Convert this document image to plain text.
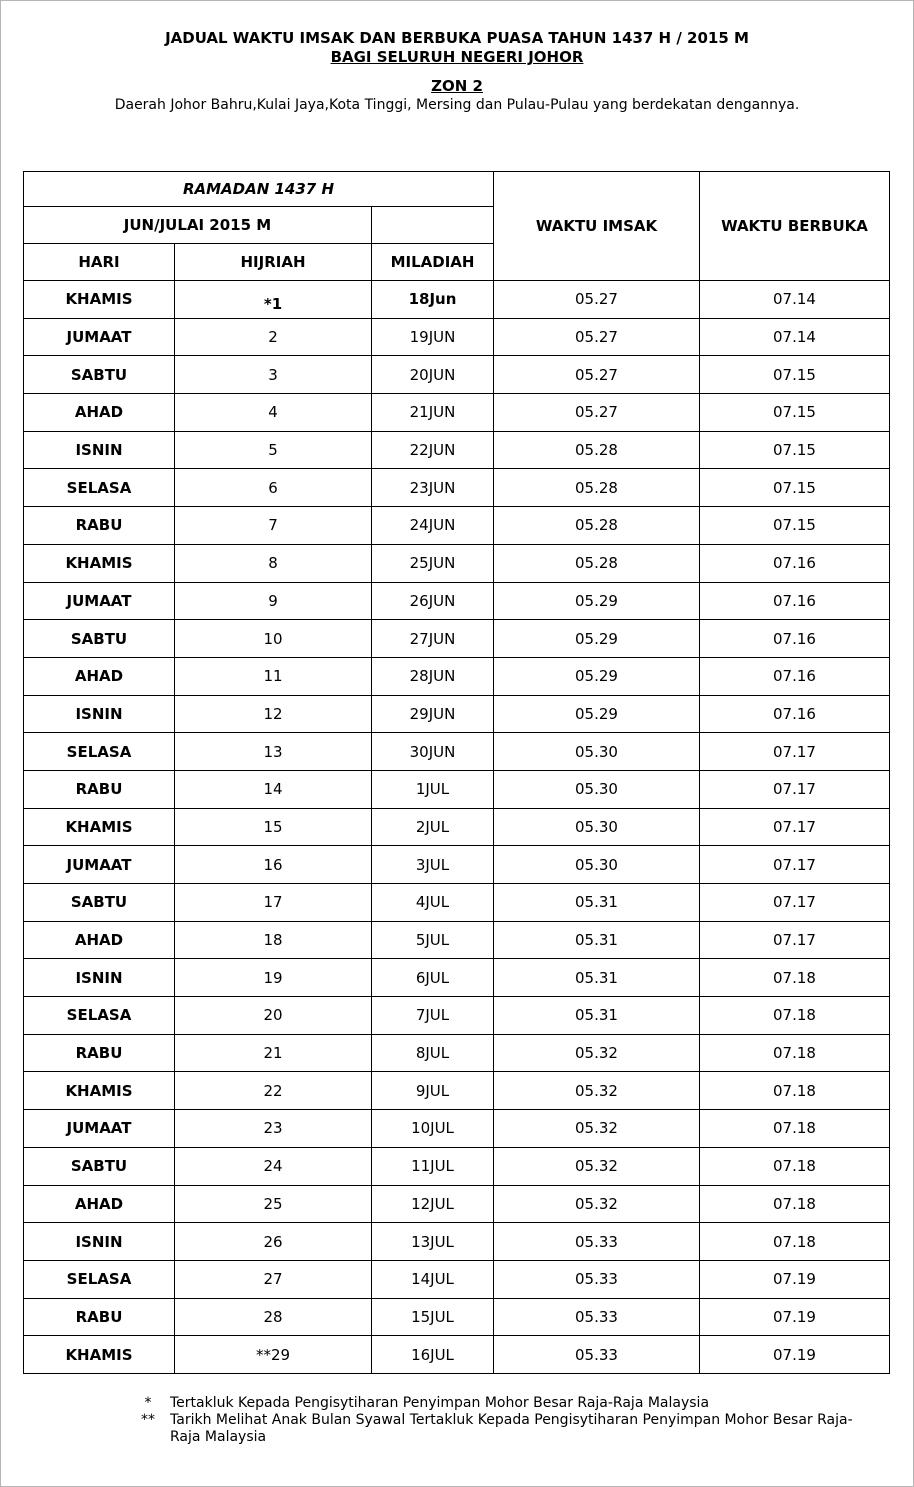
JADUAL WAKTU IMSAK DAN BERBUKA PUASA TAHUN 1437 H / 2015 M

BAGI SELURUH NEGERI JOHOR

ZON 2

Daerah Johor Bahru,Kulai Jaya,Kota Tinggi, Mersing dan Pulau-Pulau yang berdekatan dengannya.

RAMADAN 1437 H			WAKTU IMSAK	WAKTU BERBUKA
JUN/JULAI 2015 M				
HARI	HIJRIAH	MILADIAH		
KHAMIS	*1	18Jun	05.27	07.14
JUMAAT	2	19JUN	05.27	07.14
SABTU	3	20JUN	05.27	07.15
AHAD	4	21JUN	05.27	07.15
ISNIN	5	22JUN	05.28	07.15
SELASA	6	23JUN	05.28	07.15
RABU	7	24JUN	05.28	07.15
KHAMIS	8	25JUN	05.28	07.16
JUMAAT	9	26JUN	05.29	07.16
SABTU	10	27JUN	05.29	07.16
AHAD	11	28JUN	05.29	07.16
ISNIN	12	29JUN	05.29	07.16
SELASA	13	30JUN	05.30	07.17
RABU	14	1JUL	05.30	07.17
KHAMIS	15	2JUL	05.30	07.17
JUMAAT	16	3JUL	05.30	07.17
SABTU	17	4JUL	05.31	07.17
AHAD	18	5JUL	05.31	07.17
ISNIN	19	6JUL	05.31	07.18
SELASA	20	7JUL	05.31	07.18
RABU	21	8JUL	05.32	07.18
KHAMIS	22	9JUL	05.32	07.18
JUMAAT	23	10JUL	05.32	07.18
SABTU	24	11JUL	05.32	07.18
AHAD	25	12JUL	05.32	07.18
ISNIN	26	13JUL	05.33	07.18
SELASA	27	14JUL	05.33	07.19
RABU	28	15JUL	05.33	07.19
KHAMIS	**29	16JUL	05.33	07.19
*	Tertakluk Kepada Pengisytiharan Penyimpan Mohor Besar Raja-Raja Malaysia
**	Tarikh Melihat Anak Bulan Syawal Tertakluk Kepada Pengisytiharan Penyimpan Mohor Besar Raja-Raja Malaysia
